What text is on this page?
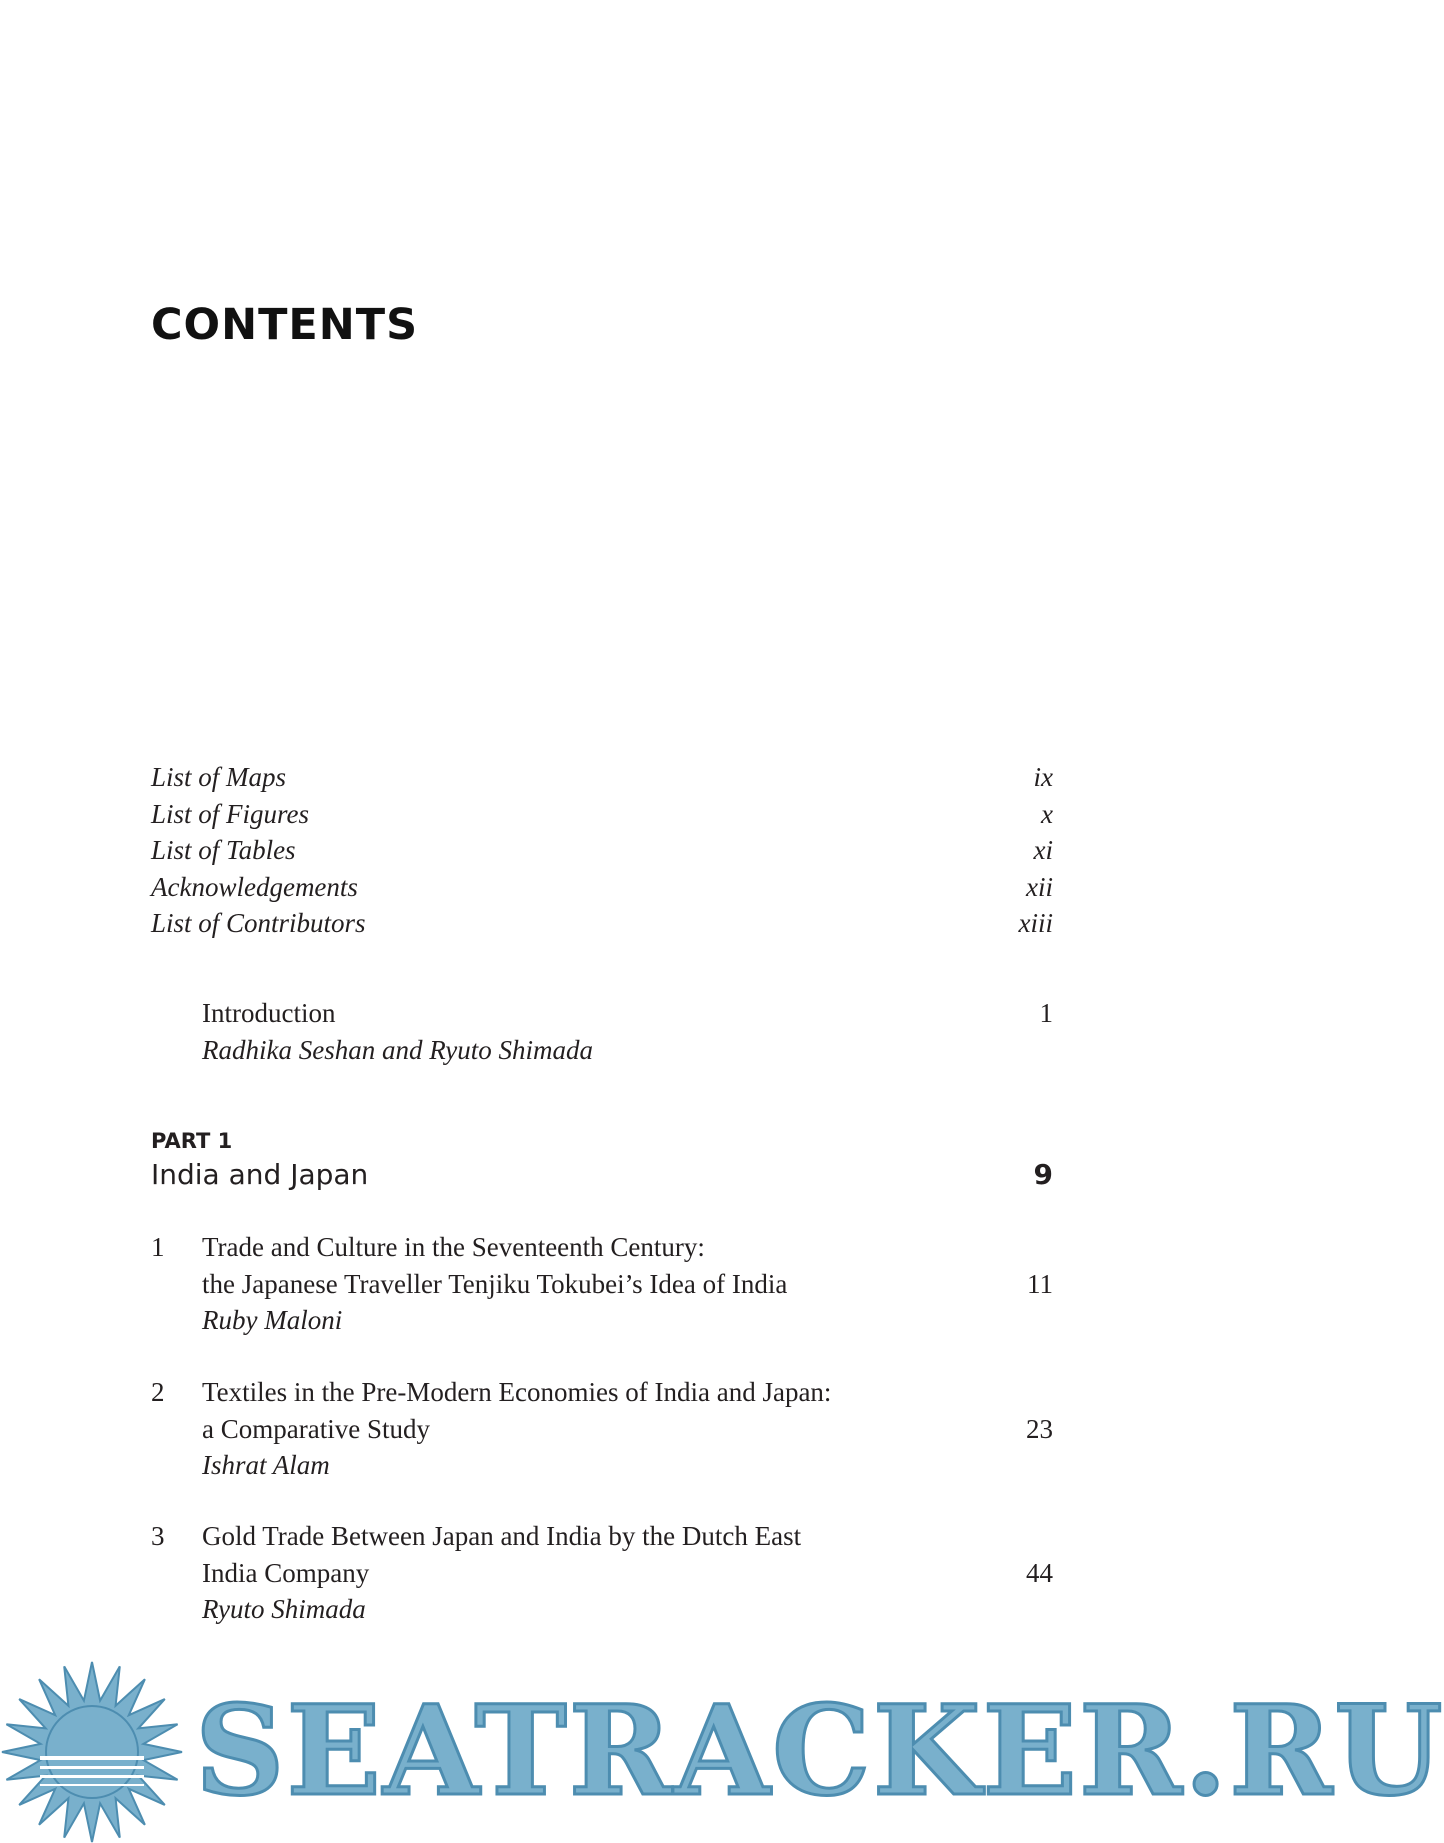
CONTENTS
List of Maps	ix
List of Figures	x
List of Tables	xi
Acknowledgements	xii
List of Contributors	xiii
Introduction	1
Radhika Seshan and Ryuto Shimada
PART 1
India and Japan	9
1 Trade and Culture in the Seventeenth Century:
the Japanese Traveller Tenjiku Tokubei’s Idea of India	11
Ruby Maloni
2 Textiles in the Pre-Modern Economies of India and Japan:
a Comparative Study	23
Ishrat Alam
3 Gold Trade Between Japan and India by the Dutch East
India Company	44
Ryuto Shimada
SEATRACKER.RU
